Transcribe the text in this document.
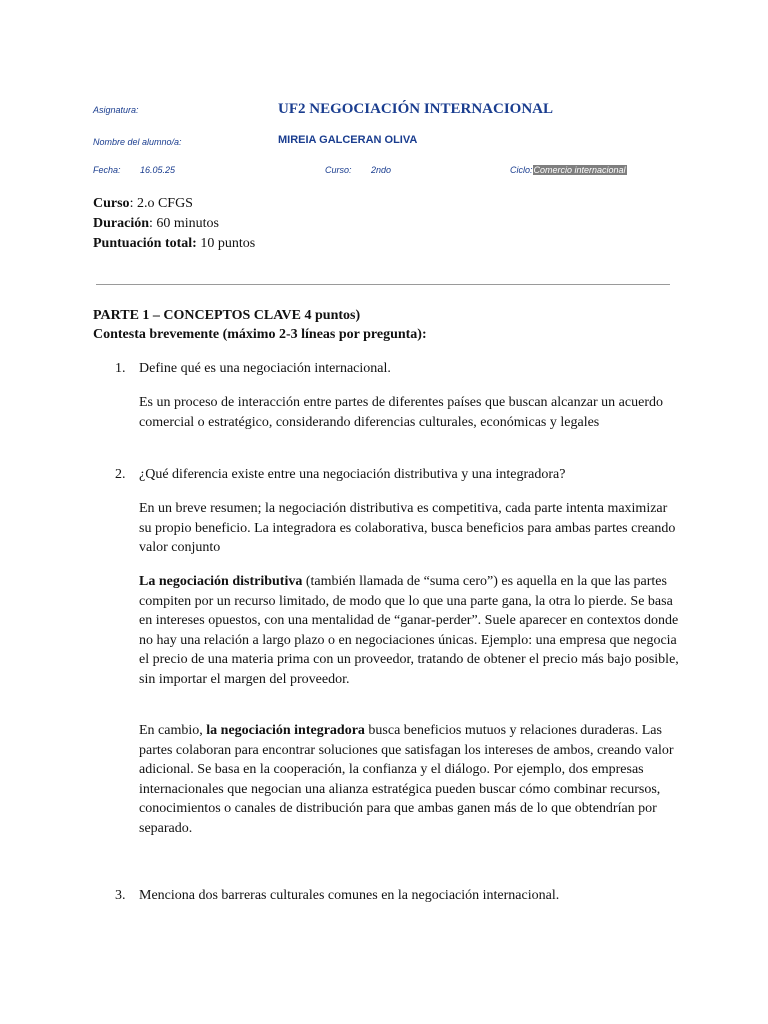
Asignatura:	UF2 NEGOCIACIÓN INTERNACIONAL
Nombre del alumno/a:	MIREIA GALCERAN OLIVA
Fecha: 16.05.25	Curso: 2ndo	Ciclo:Comercio internacional
Curso: 2.o CFGS
Duración: 60 minutos
Puntuación total: 10 puntos
PARTE 1 – CONCEPTOS CLAVE 4 puntos)
Contesta brevemente (máximo 2-3 líneas por pregunta):
1. Define qué es una negociación internacional.

Es un proceso de interacción entre partes de diferentes países que buscan alcanzar un acuerdo comercial o estratégico, considerando diferencias culturales, económicas y legales

2. ¿Qué diferencia existe entre una negociación distributiva y una integradora?

En un breve resumen; la negociación distributiva es competitiva, cada parte intenta maximizar su propio beneficio. La integradora es colaborativa, busca beneficios para ambas partes creando valor conjunto

La negociación distributiva (también llamada de “suma cero”) es aquella en la que las partes compiten por un recurso limitado, de modo que lo que una parte gana, la otra lo pierde. Se basa en intereses opuestos, con una mentalidad de “ganar-perder”. Suele aparecer en contextos donde no hay una relación a largo plazo o en negociaciones únicas. Ejemplo: una empresa que negocia el precio de una materia prima con un proveedor, tratando de obtener el precio más bajo posible, sin importar el margen del proveedor.

En cambio, la negociación integradora busca beneficios mutuos y relaciones duraderas. Las partes colaboran para encontrar soluciones que satisfagan los intereses de ambos, creando valor adicional. Se basa en la cooperación, la confianza y el diálogo. Por ejemplo, dos empresas internacionales que negocian una alianza estratégica pueden buscar cómo combinar recursos, conocimientos o canales de distribución para que ambas ganen más de lo que obtendrían por separado.

3. Menciona dos barreras culturales comunes en la negociación internacional.
